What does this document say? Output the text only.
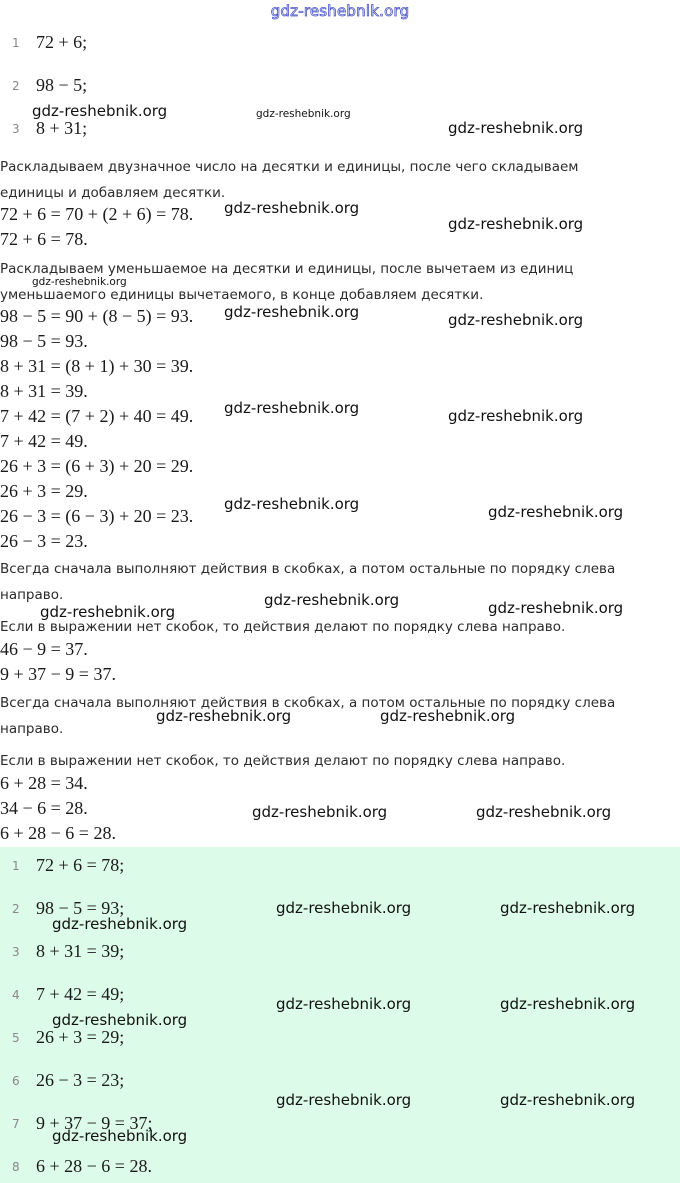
gdz-reshebnik.org
1 72 + 6;
2 98 − 5;
3 8 + 31;
Раскладываем двузначное число на десятки и единицы, после чего складываем единицы и добавляем десятки.
72 + 6 = 70 + (2 + 6) = 78.
72 + 6 = 78.
Раскладываем уменьшаемое на десятки и единицы, после вычетаем из единиц уменьшаемого единицы вычетаемого, в конце добавляем десятки.
98 − 5 = 90 + (8 − 5) = 93.
98 − 5 = 93.
8 + 31 = (8 + 1) + 30 = 39.
8 + 31 = 39.
7 + 42 = (7 + 2) + 40 = 49.
7 + 42 = 49.
26 + 3 = (6 + 3) + 20 = 29.
26 + 3 = 29.
26 − 3 = (6 − 3) + 20 = 23.
26 − 3 = 23.
Всегда сначала выполняют действия в скобках, а потом остальные по порядку слева направо.
Если в выражении нет скобок, то действия делают по порядку слева направо.
46 − 9 = 37.
9 + 37 − 9 = 37.
Всегда сначала выполняют действия в скобках, а потом остальные по порядку слева направо.
Если в выражении нет скобок, то действия делают по порядку слева направо.
6 + 28 = 34.
34 − 6 = 28.
6 + 28 − 6 = 28.
1 72 + 6 = 78;
2 98 − 5 = 93;
3 8 + 31 = 39;
4 7 + 42 = 49;
5 26 + 3 = 29;
6 26 − 3 = 23;
7 9 + 37 − 9 = 37;
8 6 + 28 − 6 = 28.
gdz-reshebnik.org	gdz-reshebnik.org
gdz-reshebnik.org
gdz-reshebnik.org
gdz-reshebnik.org
gdz-reshebnik.org
gdz-reshebnik.org	gdz-reshebnik.org
gdz-reshebnik.org	gdz-reshebnik.org
gdz-reshebnik.org	gdz-reshebnik.org
gdz-reshebnik.org	gdz-reshebnik.org
gdz-reshebnik.org
gdz-reshebnik.org	gdz-reshebnik.org
gdz-reshebnik.org	gdz-reshebnik.org
gdz-reshebnik.org	gdz-reshebnik.org
gdz-reshebnik.org
gdz-reshebnik.org	gdz-reshebnik.org
gdz-reshebnik.org
gdz-reshebnik.org	gdz-reshebnik.org
gdz-reshebnik.org
